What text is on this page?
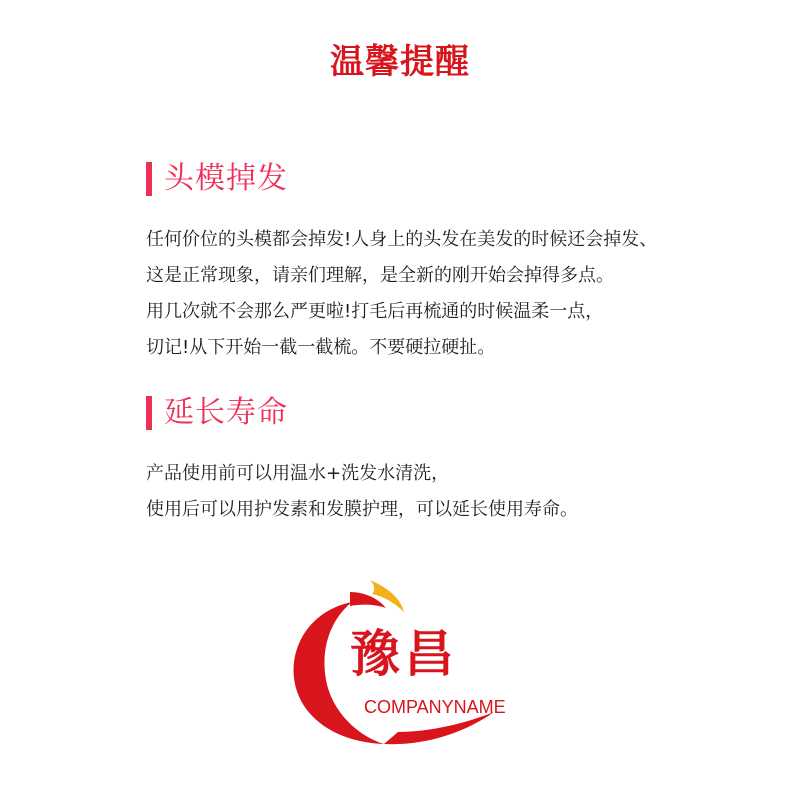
温馨提醒
头模掉发
任何价位的头模都会掉发!人身上的头发在美发的时候还会掉发、
这是正常现象，请亲们理解，是全新的刚开始会掉得多点。
用几次就不会那么严更啦!打毛后再梳通的时候温柔一点，
切记!从下开始一截一截梳。不要硬拉硬扯。
延长寿命
产品使用前可以用温水+洗发水清洗，
使用后可以用护发素和发膜护理，可以延长使用寿命。
豫昌
COMPANYNAME
